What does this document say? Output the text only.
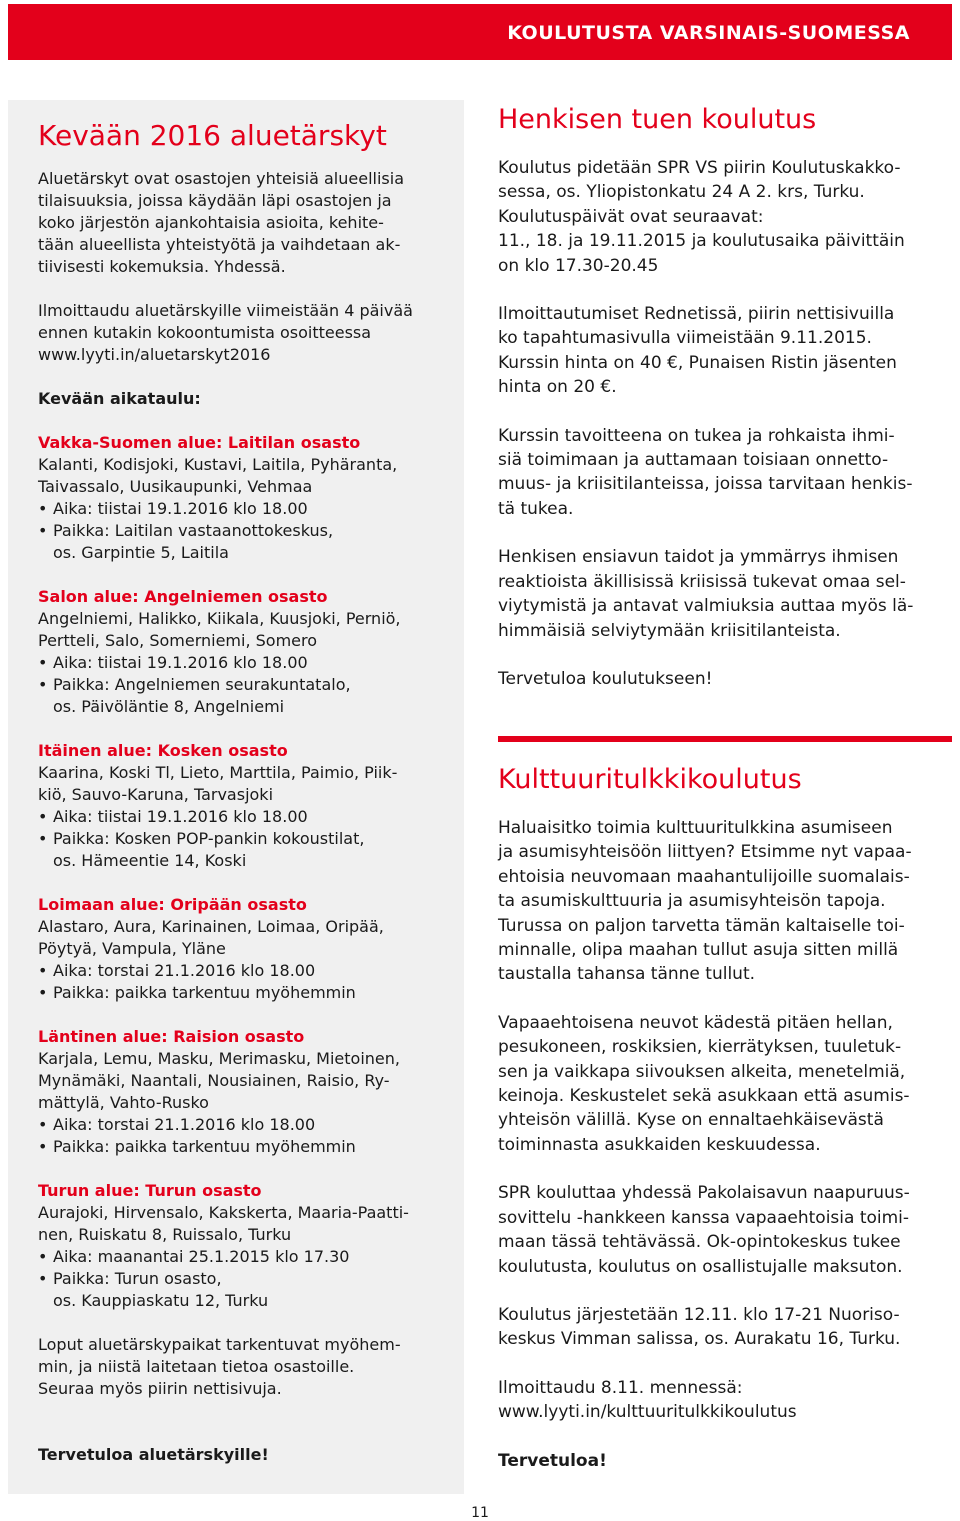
KOULUTUSTA VARSINAIS-SUOMESSA
Kevään 2016 aluetärskyt

Aluetärskyt ovat osastojen yhteisiä alueellisia
tilaisuuksia, joissa käydään läpi osastojen ja
koko järjestön ajankohtaisia asioita, kehite-
tään alueellista yhteistyötä ja vaihdetaan ak-
tiivisesti kokemuksia. Yhdessä.

Ilmoittaudu aluetärskyille viimeistään 4 päivää
ennen kutakin kokoontumista osoitteessa
www.lyyti.in/aluetarskyt2016

Kevään aikataulu:
Vakka-Suomen alue: Laitilan osasto
Kalanti, Kodisjoki, Kustavi, Laitila, Pyhäranta,
Taivassalo, Uusikaupunki, Vehmaa
• Aika: tiistai 19.1.2016 klo 18.00
• Paikka: Laitilan vastaanottokeskus,
os. Garpintie 5, Laitila
Salon alue: Angelniemen osasto
Angelniemi, Halikko, Kiikala, Kuusjoki, Perniö,
Pertteli, Salo, Somerniemi, Somero
• Aika: tiistai 19.1.2016 klo 18.00
• Paikka: Angelniemen seurakuntatalo,
os. Päivöläntie 8, Angelniemi
Itäinen alue: Kosken osasto
Kaarina, Koski Tl, Lieto, Marttila, Paimio, Piik-
kiö, Sauvo-Karuna, Tarvasjoki
• Aika: tiistai 19.1.2016 klo 18.00
• Paikka: Kosken POP-pankin kokoustilat,
os. Hämeentie 14, Koski
Loimaan alue: Oripään osasto
Alastaro, Aura, Karinainen, Loimaa, Oripää,
Pöytyä, Vampula, Yläne
• Aika: torstai 21.1.2016 klo 18.00
• Paikka: paikka tarkentuu myöhemmin
Läntinen alue: Raision osasto
Karjala, Lemu, Masku, Merimasku, Mietoinen,
Mynämäki, Naantali, Nousiainen, Raisio, Ry-
mättylä, Vahto-Rusko
• Aika: torstai 21.1.2016 klo 18.00
• Paikka: paikka tarkentuu myöhemmin
Turun alue: Turun osasto
Aurajoki, Hirvensalo, Kakskerta, Maaria-Paatti-
nen, Ruiskatu 8, Ruissalo, Turku
• Aika: maanantai 25.1.2015 klo 17.30
• Paikka: Turun osasto,
os. Kauppiaskatu 12, Turku

Loput aluetärskypaikat tarkentuvat myöhem-
min, ja niistä laitetaan tietoa osastoille.
Seuraa myös piirin nettisivuja.

Tervetuloa aluetärskyille!

Henkisen tuen koulutus

Koulutus pidetään SPR VS piirin Koulutuskakko-
sessa, os. Yliopistonkatu 24 A 2. krs, Turku.
Koulutuspäivät ovat seuraavat:
11., 18. ja 19.11.2015 ja koulutusaika päivittäin
on klo 17.30-20.45

Ilmoittautumiset Rednetissä, piirin nettisivuilla
ko tapahtumasivulla viimeistään 9.11.2015.
Kurssin hinta on 40 €, Punaisen Ristin jäsenten
hinta on 20 €.

Kurssin tavoitteena on tukea ja rohkaista ihmi-
siä toimimaan ja auttamaan toisiaan onnetto-
muus- ja kriisitilanteissa, joissa tarvitaan henkis-
tä tukea.

Henkisen ensiavun taidot ja ymmärrys ihmisen
reaktioista äkillisissä kriisissä tukevat omaa sel-
viytymistä ja antavat valmiuksia auttaa myös lä-
himmäisiä selviytymään kriisitilanteista.

Tervetuloa koulutukseen!

Kulttuuritulkkikoulutus

Haluaisitko toimia kulttuuritulkkina asumiseen
ja asumisyhteisöön liittyen? Etsimme nyt vapaa-
ehtoisia neuvomaan maahantulijoille suomalais-
ta asumiskulttuuria ja asumisyhteisön tapoja.
Turussa on paljon tarvetta tämän kaltaiselle toi-
minnalle, olipa maahan tullut asuja sitten millä
taustalla tahansa tänne tullut.

Vapaaehtoisena neuvot kädestä pitäen hellan,
pesukoneen, roskiksien, kierrätyksen, tuuletuk-
sen ja vaikkapa siivouksen alkeita, menetelmiä,
keinoja. Keskustelet sekä asukkaan että asumis-
yhteisön välillä. Kyse on ennaltaehkäisevästä
toiminnasta asukkaiden keskuudessa.

SPR kouluttaa yhdessä Pakolaisavun naapuruus-
sovittelu -hankkeen kanssa vapaaehtoisia toimi-
maan tässä tehtävässä. Ok-opintokeskus tukee
koulutusta, koulutus on osallistujalle maksuton.

Koulutus järjestetään 12.11. klo 17-21 Nuoriso-
keskus Vimman salissa, os. Aurakatu 16, Turku.

Ilmoittaudu 8.11. mennessä:
www.lyyti.in/kulttuuritulkkikoulutus

Tervetuloa!

11
